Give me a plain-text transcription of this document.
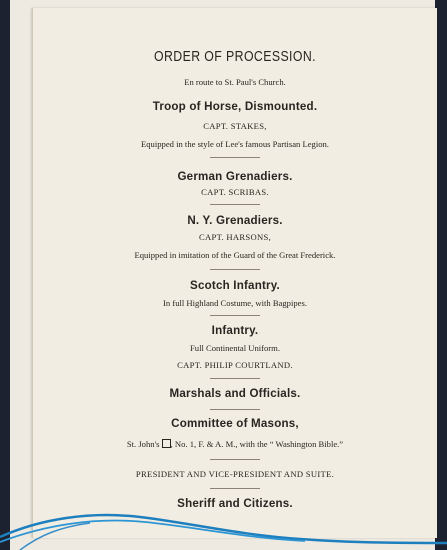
ORDER OF PROCESSION.
En route to St. Paul's Church.
Troop of Horse, Dismounted.
CAPT. STAKES,
Equipped in the style of Lee's famous Partisan Legion.
German Grenadiers.
CAPT. SCRIBAS.
N. Y. Grenadiers.
CAPT. HARSONS,
Equipped in imitation of the Guard of the Great Frederick.
Scotch Infantry.
In full Highland Costume, with Bagpipes.
Infantry.
Full Continental Uniform.
CAPT. PHILIP COURTLAND.
Marshals and Officials.
Committee of Masons,
St. John's , No. 1, F. & A. M., with the “ Washington Bible.”
PRESIDENT AND VICE-PRESIDENT AND SUITE.
Sheriff and Citizens.
